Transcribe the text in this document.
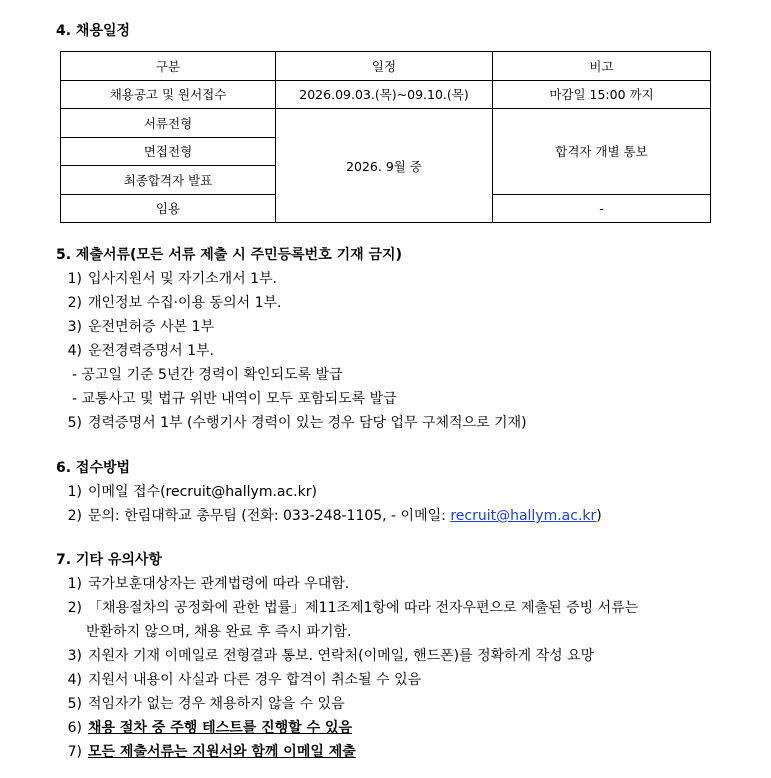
4. 채용일정
구분	일정	비고
채용공고 및 원서접수	2026.09.03.(목)~09.10.(목)	마감일 15:00 까지
서류전형	2026. 9월 중	합격자 개별 통보
면접전형		
최종합격자 발표		
임용		-
5. 제출서류(모든 서류 제출 시 주민등록번호 기재 금지)
1) 입사지원서 및 자기소개서 1부.
2) 개인정보 수집·이용 동의서 1부.
3) 운전면허증 사본 1부
4) 운전경력증명서 1부.
- 공고일 기준 5년간 경력이 확인되도록 발급
- 교통사고 및 법규 위반 내역이 모두 포함되도록 발급
5) 경력증명서 1부 (수행기사 경력이 있는 경우 담당 업무 구체적으로 기재)
6. 접수방법
1) 이메일 접수(recruit@hallym.ac.kr)
2) 문의: 한림대학교 총무팀 (전화: 033-248-1105, - 이메일: recruit@hallym.ac.kr)
7. 기타 유의사항
1) 국가보훈대상자는 관계법령에 따라 우대함.
2) 「채용절차의 공정화에 관한 법률」제11조제1항에 따라 전자우편으로 제출된 증빙 서류는
반환하지 않으며, 채용 완료 후 즉시 파기함.
3) 지원자 기재 이메일로 전형결과 통보. 연락처(이메일, 핸드폰)를 정확하게 작성 요망
4) 지원서 내용이 사실과 다른 경우 합격이 취소될 수 있음
5) 적임자가 없는 경우 채용하지 않을 수 있음
6) 채용 절차 중 주행 테스트를 진행할 수 있음
7) 모든 제출서류는 지원서와 함께 이메일 제출
